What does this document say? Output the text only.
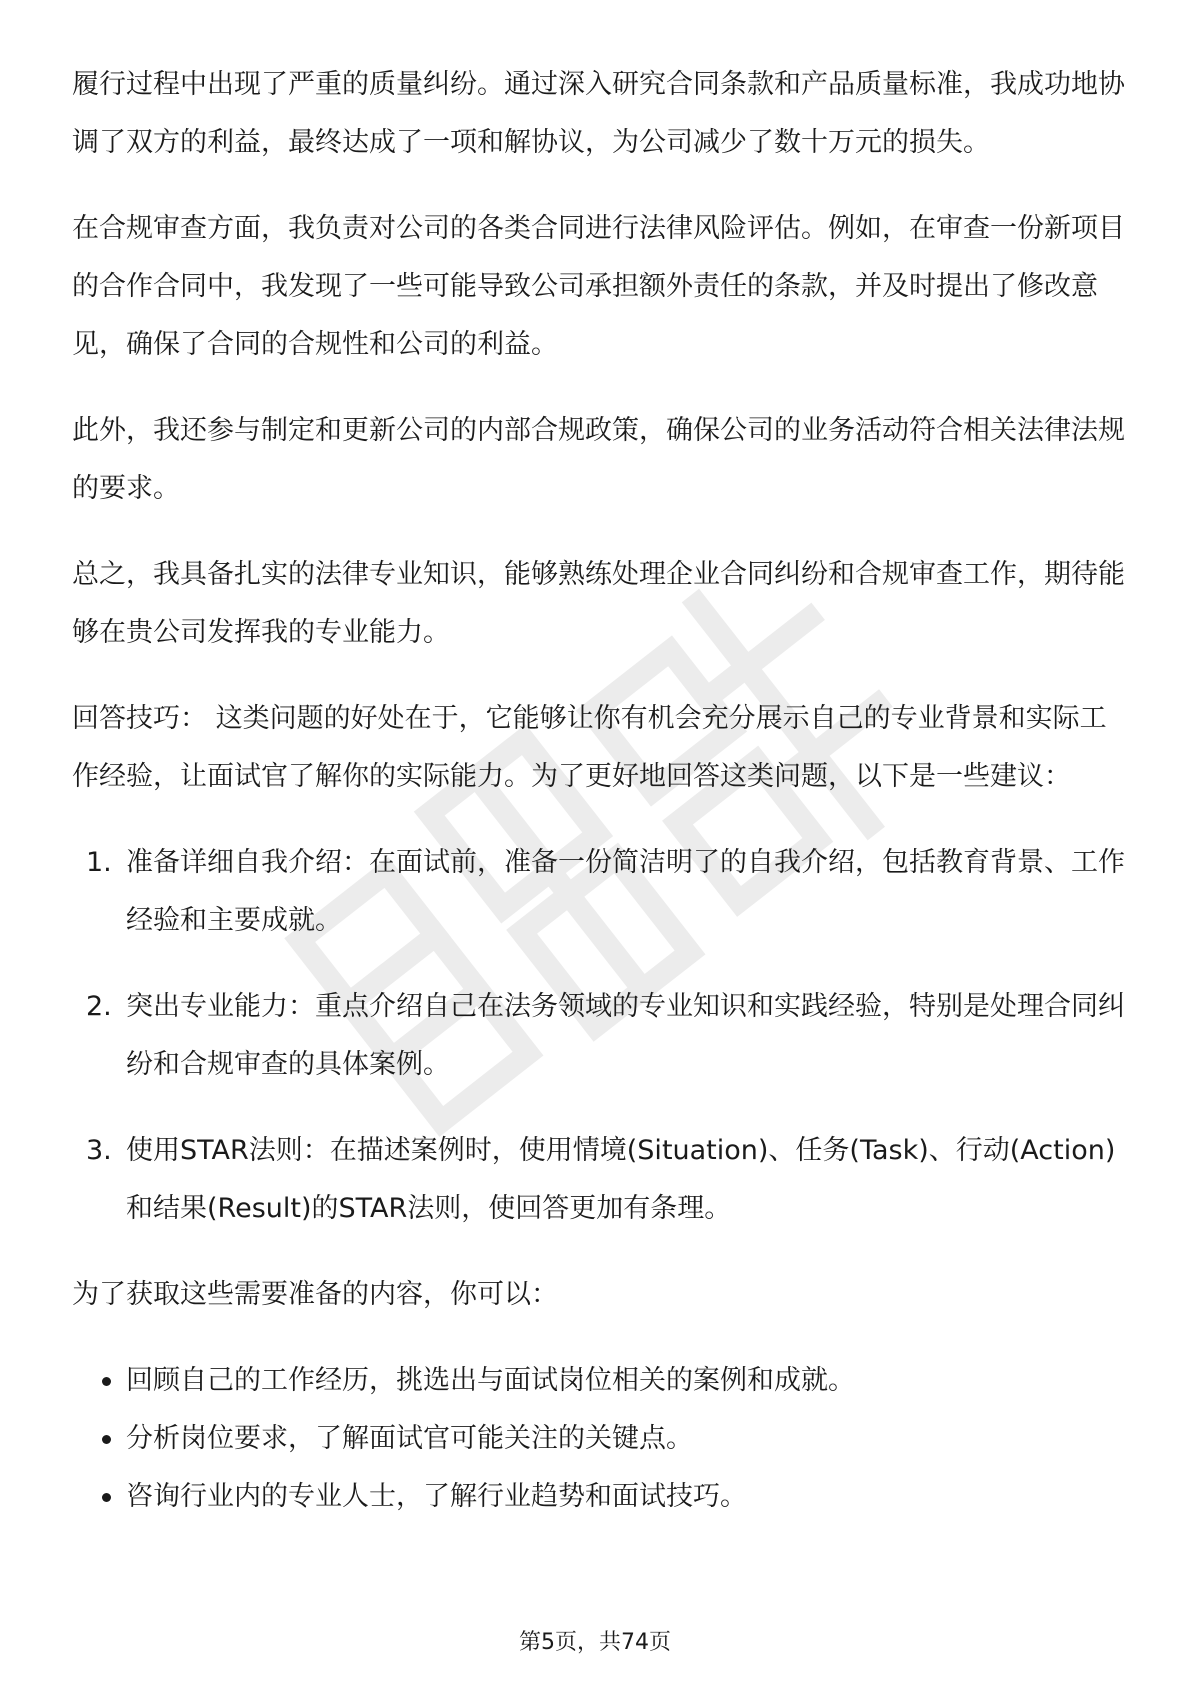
履行过程中出现了严重的质量纠纷。通过深入研究合同条款和产品质量标准，我成功地协调了双方的利益，最终达成了一项和解协议，为公司减少了数十万元的损失。

在合规审查方面，我负责对公司的各类合同进行法律风险评估。例如，在审查一份新项目的合作合同中，我发现了一些可能导致公司承担额外责任的条款，并及时提出了修改意见，确保了合同的合规性和公司的利益。

此外，我还参与制定和更新公司的内部合规政策，确保公司的业务活动符合相关法律法规的要求。

总之，我具备扎实的法律专业知识，能够熟练处理企业合同纠纷和合规审查工作，期待能够在贵公司发挥我的专业能力。

回答技巧： 这类问题的好处在于，它能够让你有机会充分展示自己的专业背景和实际工作经验，让面试官了解你的实际能力。为了更好地回答这类问题，以下是一些建议：

1. 准备详细自我介绍：在面试前，准备一份简洁明了的自我介绍，包括教育背景、工作经验和主要成就。
2. 突出专业能力：重点介绍自己在法务领域的专业知识和实践经验，特别是处理合同纠纷和合规审查的具体案例。
3. 使用STAR法则：在描述案例时，使用情境(Situation)、任务(Task)、行动(Action)和结果(Result)的STAR法则，使回答更加有条理。

为了获取这些需要准备的内容，你可以：

回顾自己的工作经历，挑选出与面试岗位相关的案例和成就。
分析岗位要求，了解面试官可能关注的关键点。
咨询行业内的专业人士，了解行业趋势和面试技巧。
第5页，共74页
